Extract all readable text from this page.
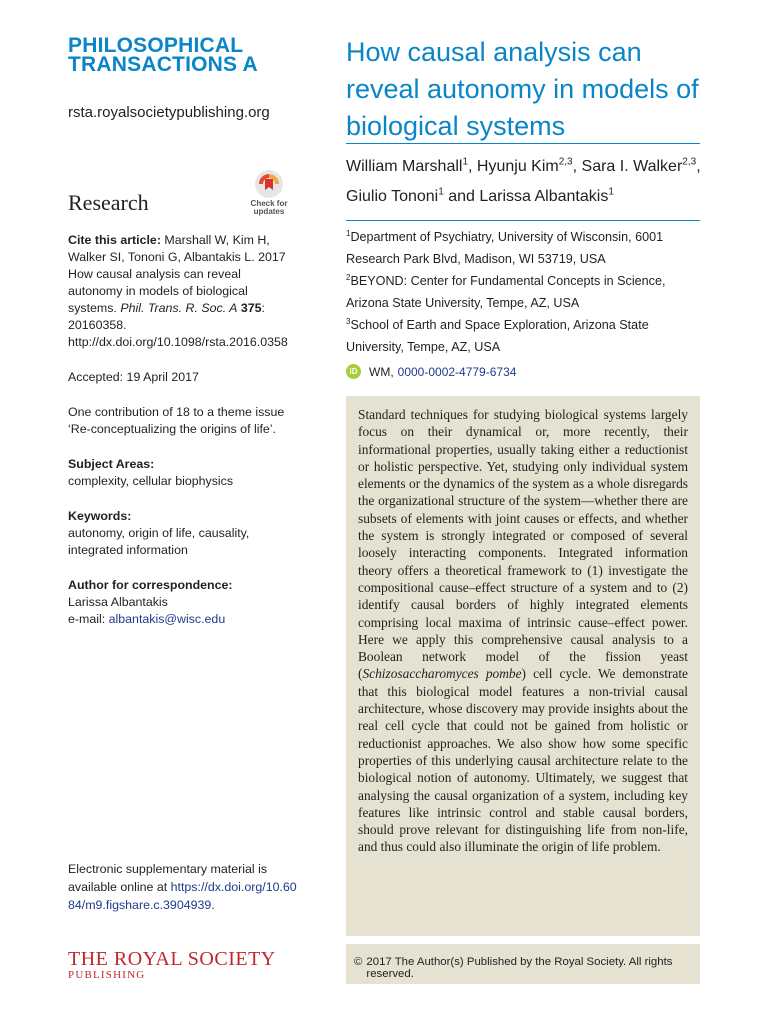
PHILOSOPHICAL
TRANSACTIONS A
rsta.royalsocietypublishing.org
Research	Check for
updates
Cite this article: Marshall W, Kim H, Walker SI, Tononi G, Albantakis L. 2017 How causal analysis can reveal autonomy in models of biological systems. Phil. Trans. R. Soc. A 375: 20160358.
http://dx.doi.org/10.1098/rsta.2016.0358
Accepted: 19 April 2017
One contribution of 18 to a theme issue ‘Re-conceptualizing the origins of life’.
Subject Areas:
complexity, cellular biophysics
Keywords:
autonomy, origin of life, causality, integrated information
Author for correspondence:
Larissa Albantakis
e-mail: albantakis@wisc.edu
Electronic supplementary material is available online at https://dx.doi.org/10.6084/m9.figshare.c.3904939.
THE ROYAL SOCIETY
PUBLISHING
How causal analysis can reveal autonomy in models of biological systems
William Marshall$^1$, Hyunju Kim$^{2,3}$, Sara I. Walker$^{2,3}$,
Giulio Tononi$^1$ and Larissa Albantakis$^1$
$^1$Department of Psychiatry, University of Wisconsin, 6001 Research Park Blvd, Madison, WI 53719, USA
$^2$BEYOND: Center for Fundamental Concepts in Science, Arizona State University, Tempe, AZ, USA
$^3$School of Earth and Space Exploration, Arizona State University, Tempe, AZ, USA
iD WM, 0000-0002-4779-6734
Standard techniques for studying biological systems largely focus on their dynamical or, more recently, their informational properties, usually taking either a reductionist or holistic perspective. Yet, studying only individual system elements or the dynamics of the system as a whole disregards the organizational structure of the system—whether there are subsets of elements with joint causes or effects, and whether the system is strongly integrated or composed of several loosely interacting components. Integrated information theory offers a theoretical framework to (1) investigate the compositional cause–effect structure of a system and to (2) identify causal borders of highly integrated elements comprising local maxima of intrinsic cause–effect power. Here we apply this comprehensive causal analysis to a Boolean network model of the fission yeast (Schizosaccharomyces pombe) cell cycle. We demonstrate that this biological model features a non-trivial causal architecture, whose discovery may provide insights about the real cell cycle that could not be gained from holistic or reductionist approaches. We also show how some specific properties of this underlying causal architecture relate to the biological notion of autonomy. Ultimately, we suggest that analysing the causal organization of a system, including key features like intrinsic control and stable causal borders, should prove relevant for distinguishing life from non-life, and thus could also illuminate the origin of life problem.
© 2017 The Author(s) Published by the Royal Society. All rights reserved.
